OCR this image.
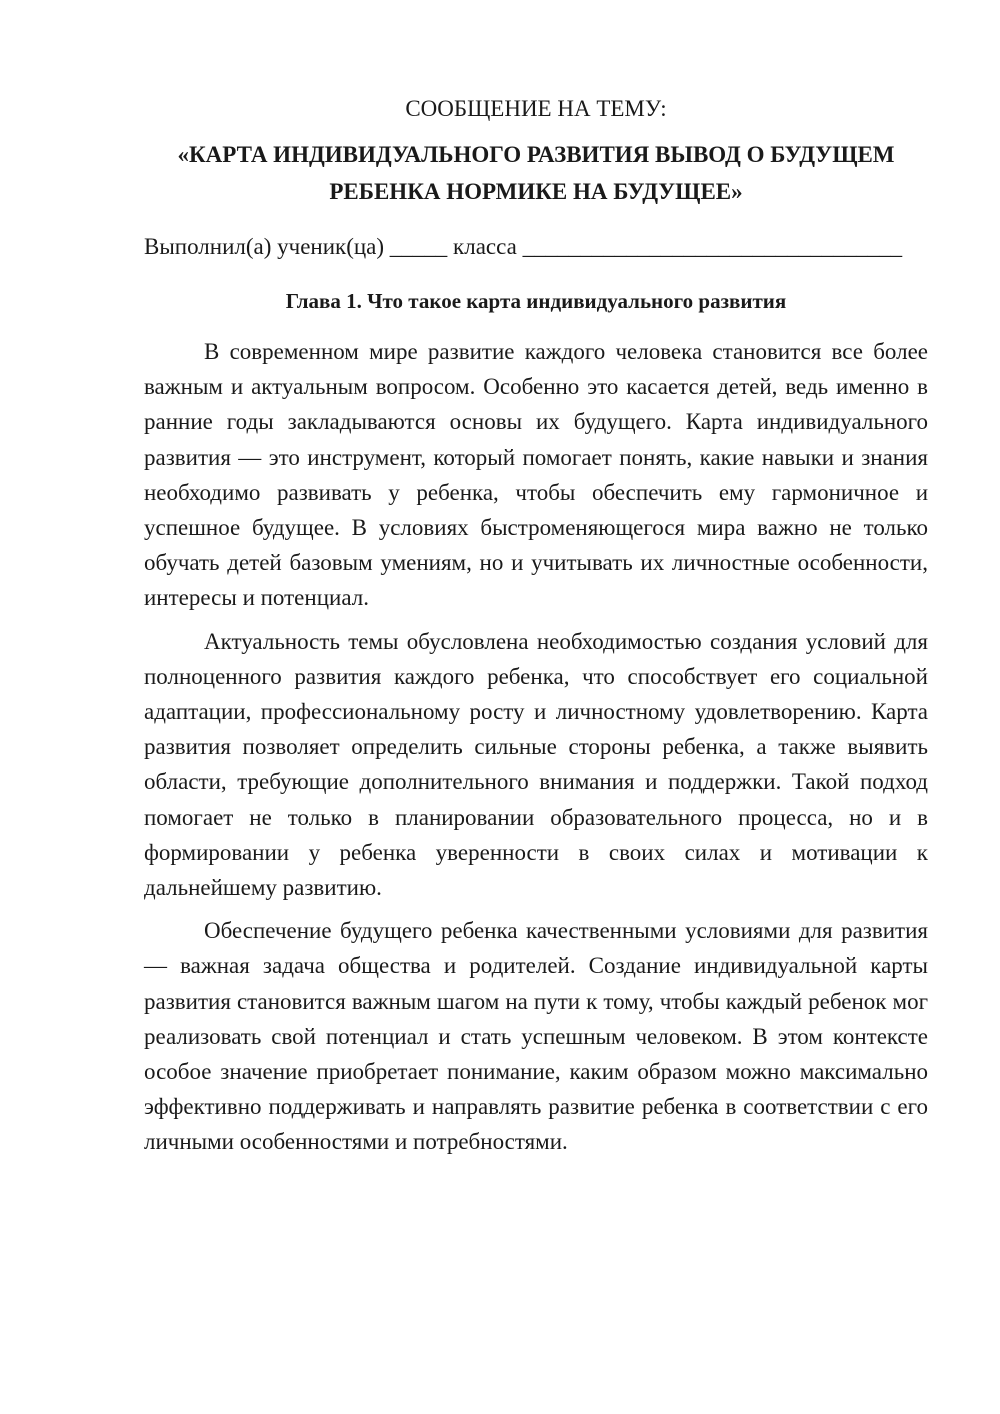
СООБЩЕНИЕ НА ТЕМУ:

«КАРТА ИНДИВИДУАЛЬНОГО РАЗВИТИЯ ВЫВОД О БУДУЩЕМ
РЕБЕНКА НОРМИКЕ НА БУДУЩЕЕ»

Выполнил(а) ученик(ца) _____ класса _________________________________

Глава 1. Что такое карта индивидуального развития

В современном мире развитие каждого человека становится все более важным и актуальным вопросом. Особенно это касается детей, ведь именно в ранние годы закладываются основы их будущего. Карта индивидуального развития — это инструмент, который помогает понять, какие навыки и знания необходимо развивать у ребенка, чтобы обеспечить ему гармоничное и успешное будущее. В условиях быстроменяющегося мира важно не только обучать детей базовым умениям, но и учитывать их личностные особенности, интересы и потенциал.

Актуальность темы обусловлена необходимостью создания условий для полноценного развития каждого ребенка, что способствует его социальной адаптации, профессиональному росту и личностному удовлетворению. Карта развития позволяет определить сильные стороны ребенка, а также выявить области, требующие дополнительного внимания и поддержки. Такой подход помогает не только в планировании образовательного процесса, но и в формировании у ребенка уверенности в своих силах и мотивации к дальнейшему развитию.

Обеспечение будущего ребенка качественными условиями для развития — важная задача общества и родителей. Создание индивидуальной карты развития становится важным шагом на пути к тому, чтобы каждый ребенок мог реализовать свой потенциал и стать успешным человеком. В этом контексте особое значение приобретает понимание, каким образом можно максимально эффективно поддерживать и направлять развитие ребенка в соответствии с его личными особенностями и потребностями.
